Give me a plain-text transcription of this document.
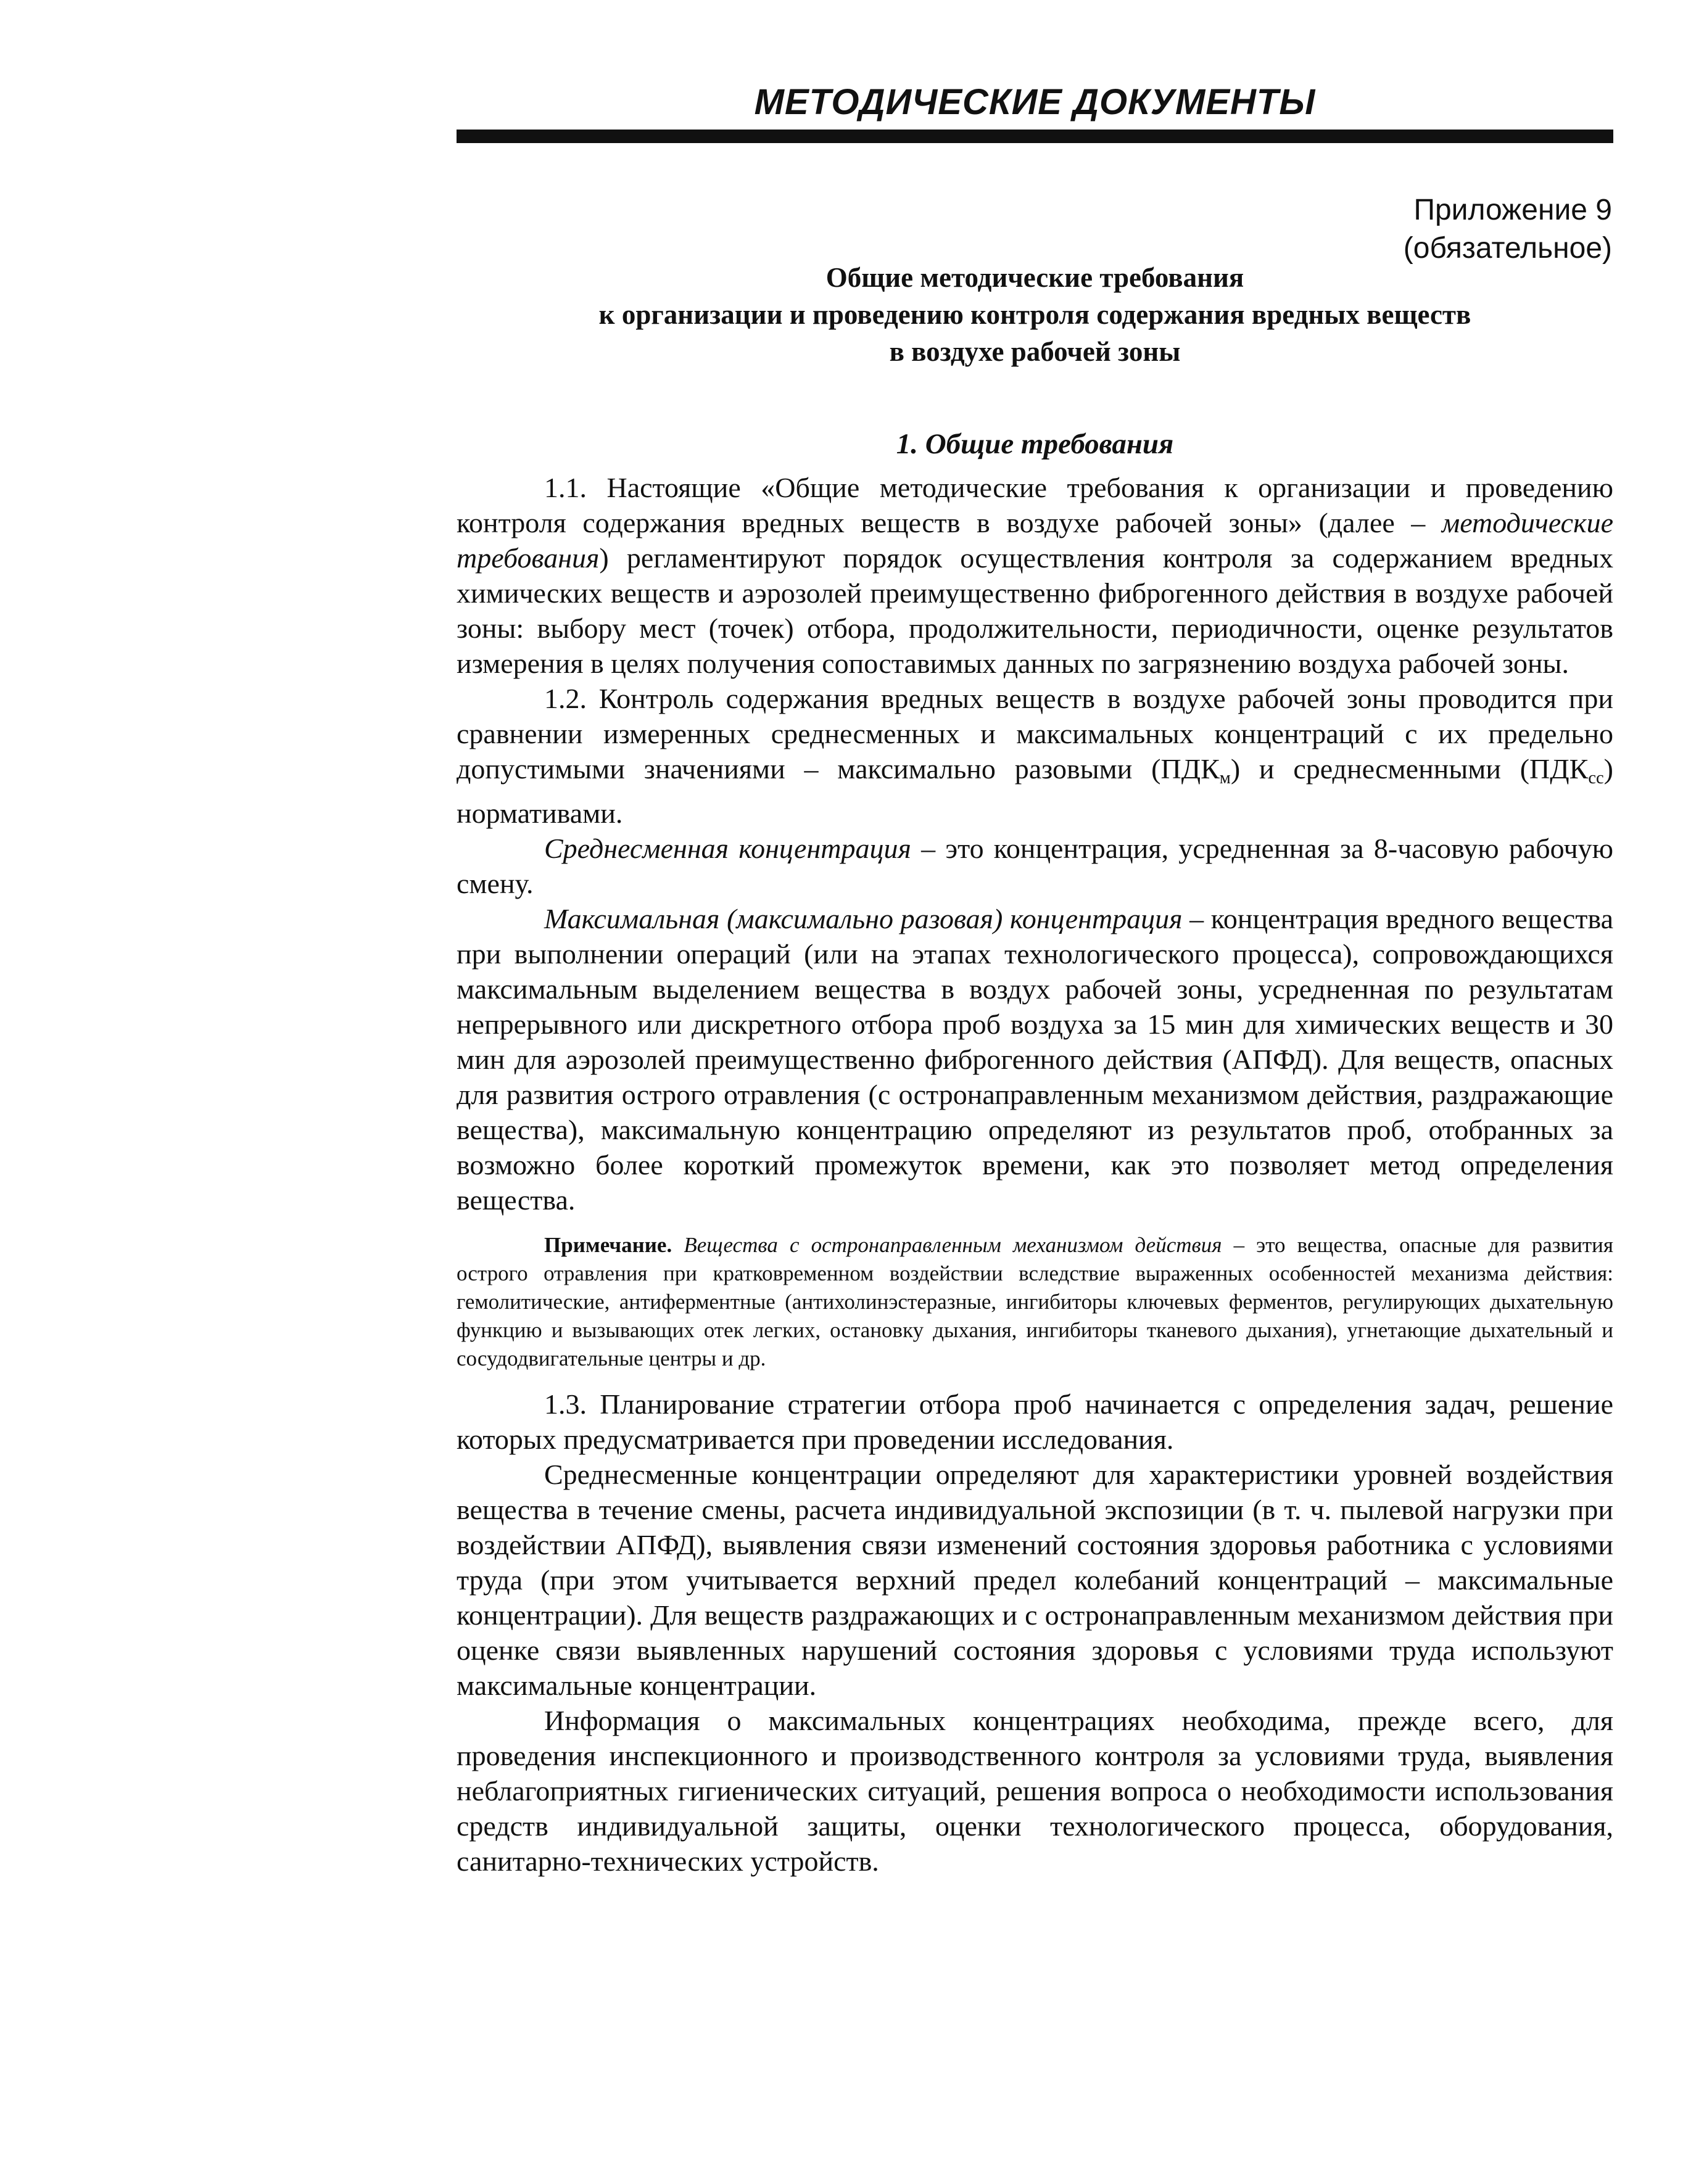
МЕТОДИЧЕСКИЕ ДОКУМЕНТЫ
Приложение 9
(обязательное)
Общие методические требования
к организации и проведению контроля содержания вредных веществ
в воздухе рабочей зоны
1. Общие требования

1.1. Настоящие «Общие методические требования к организации и проведению контроля содержания вредных веществ в воздухе рабочей зоны» (далее – методические требования) регламентируют порядок осуществления контроля за содержанием вредных химических веществ и аэрозолей преимущественно фиброгенного действия в воздухе рабочей зоны: выбору мест (точек) отбора, продолжительности, периодичности, оценке результатов измерения в целях получения сопоставимых данных по загрязнению воздуха рабочей зоны.

1.2. Контроль содержания вредных веществ в воздухе рабочей зоны проводится при сравнении измеренных среднесменных и максимальных концентраций с их предельно допустимыми значениями – максимально разовыми $(ПДК_м)$ и среднесменными $(ПДК_{сс})$ нормативами.

Среднесменная концентрация – это концентрация, усредненная за 8-часовую рабочую смену.

Максимальная (максимально разовая) концентрация – концентрация вредного вещества при выполнении операций (или на этапах технологического процесса), сопровождающихся максимальным выделением вещества в воздух рабочей зоны, усредненная по результатам непрерывного или дискретного отбора проб воздуха за 15 мин для химических веществ и 30 мин для аэрозолей преимущественно фиброгенного действия (АПФД). Для веществ, опасных для развития острого отравления (с остронаправленным механизмом действия, раздражающие вещества), максимальную концентрацию определяют из результатов проб, отобранных за возможно более короткий промежуток времени, как это позволяет метод определения вещества.

Примечание. Вещества с остронаправленным механизмом действия – это вещества, опасные для развития острого отравления при кратковременном воздействии вследствие выраженных особенностей механизма действия: гемолитические, антиферментные (антихолинэстеразные, ингибиторы ключевых ферментов, регулирующих дыхательную функцию и вызывающих отек легких, остановку дыхания, ингибиторы тканевого дыхания), угнетающие дыхательный и сосудодвигательные центры и др.

1.3. Планирование стратегии отбора проб начинается с определения задач, решение которых предусматривается при проведении исследования.

Среднесменные концентрации определяют для характеристики уровней воздействия вещества в течение смены, расчета индивидуальной экспозиции (в т. ч. пылевой нагрузки при воздействии АПФД), выявления связи изменений состояния здоровья работника с условиями труда (при этом учитывается верхний предел колебаний концентраций – максимальные концентрации). Для веществ раздражающих и с остронаправленным механизмом действия при оценке связи выявленных нарушений состояния здоровья с условиями труда используют максимальные концентрации.

Информация о максимальных концентрациях необходима, прежде всего, для проведения инспекционного и производственного контроля за условиями труда, выявления неблагоприятных гигиенических ситуаций, решения вопроса о необходимости использования средств индивидуальной защиты, оценки технологического процесса, оборудования, санитарно-технических устройств.
